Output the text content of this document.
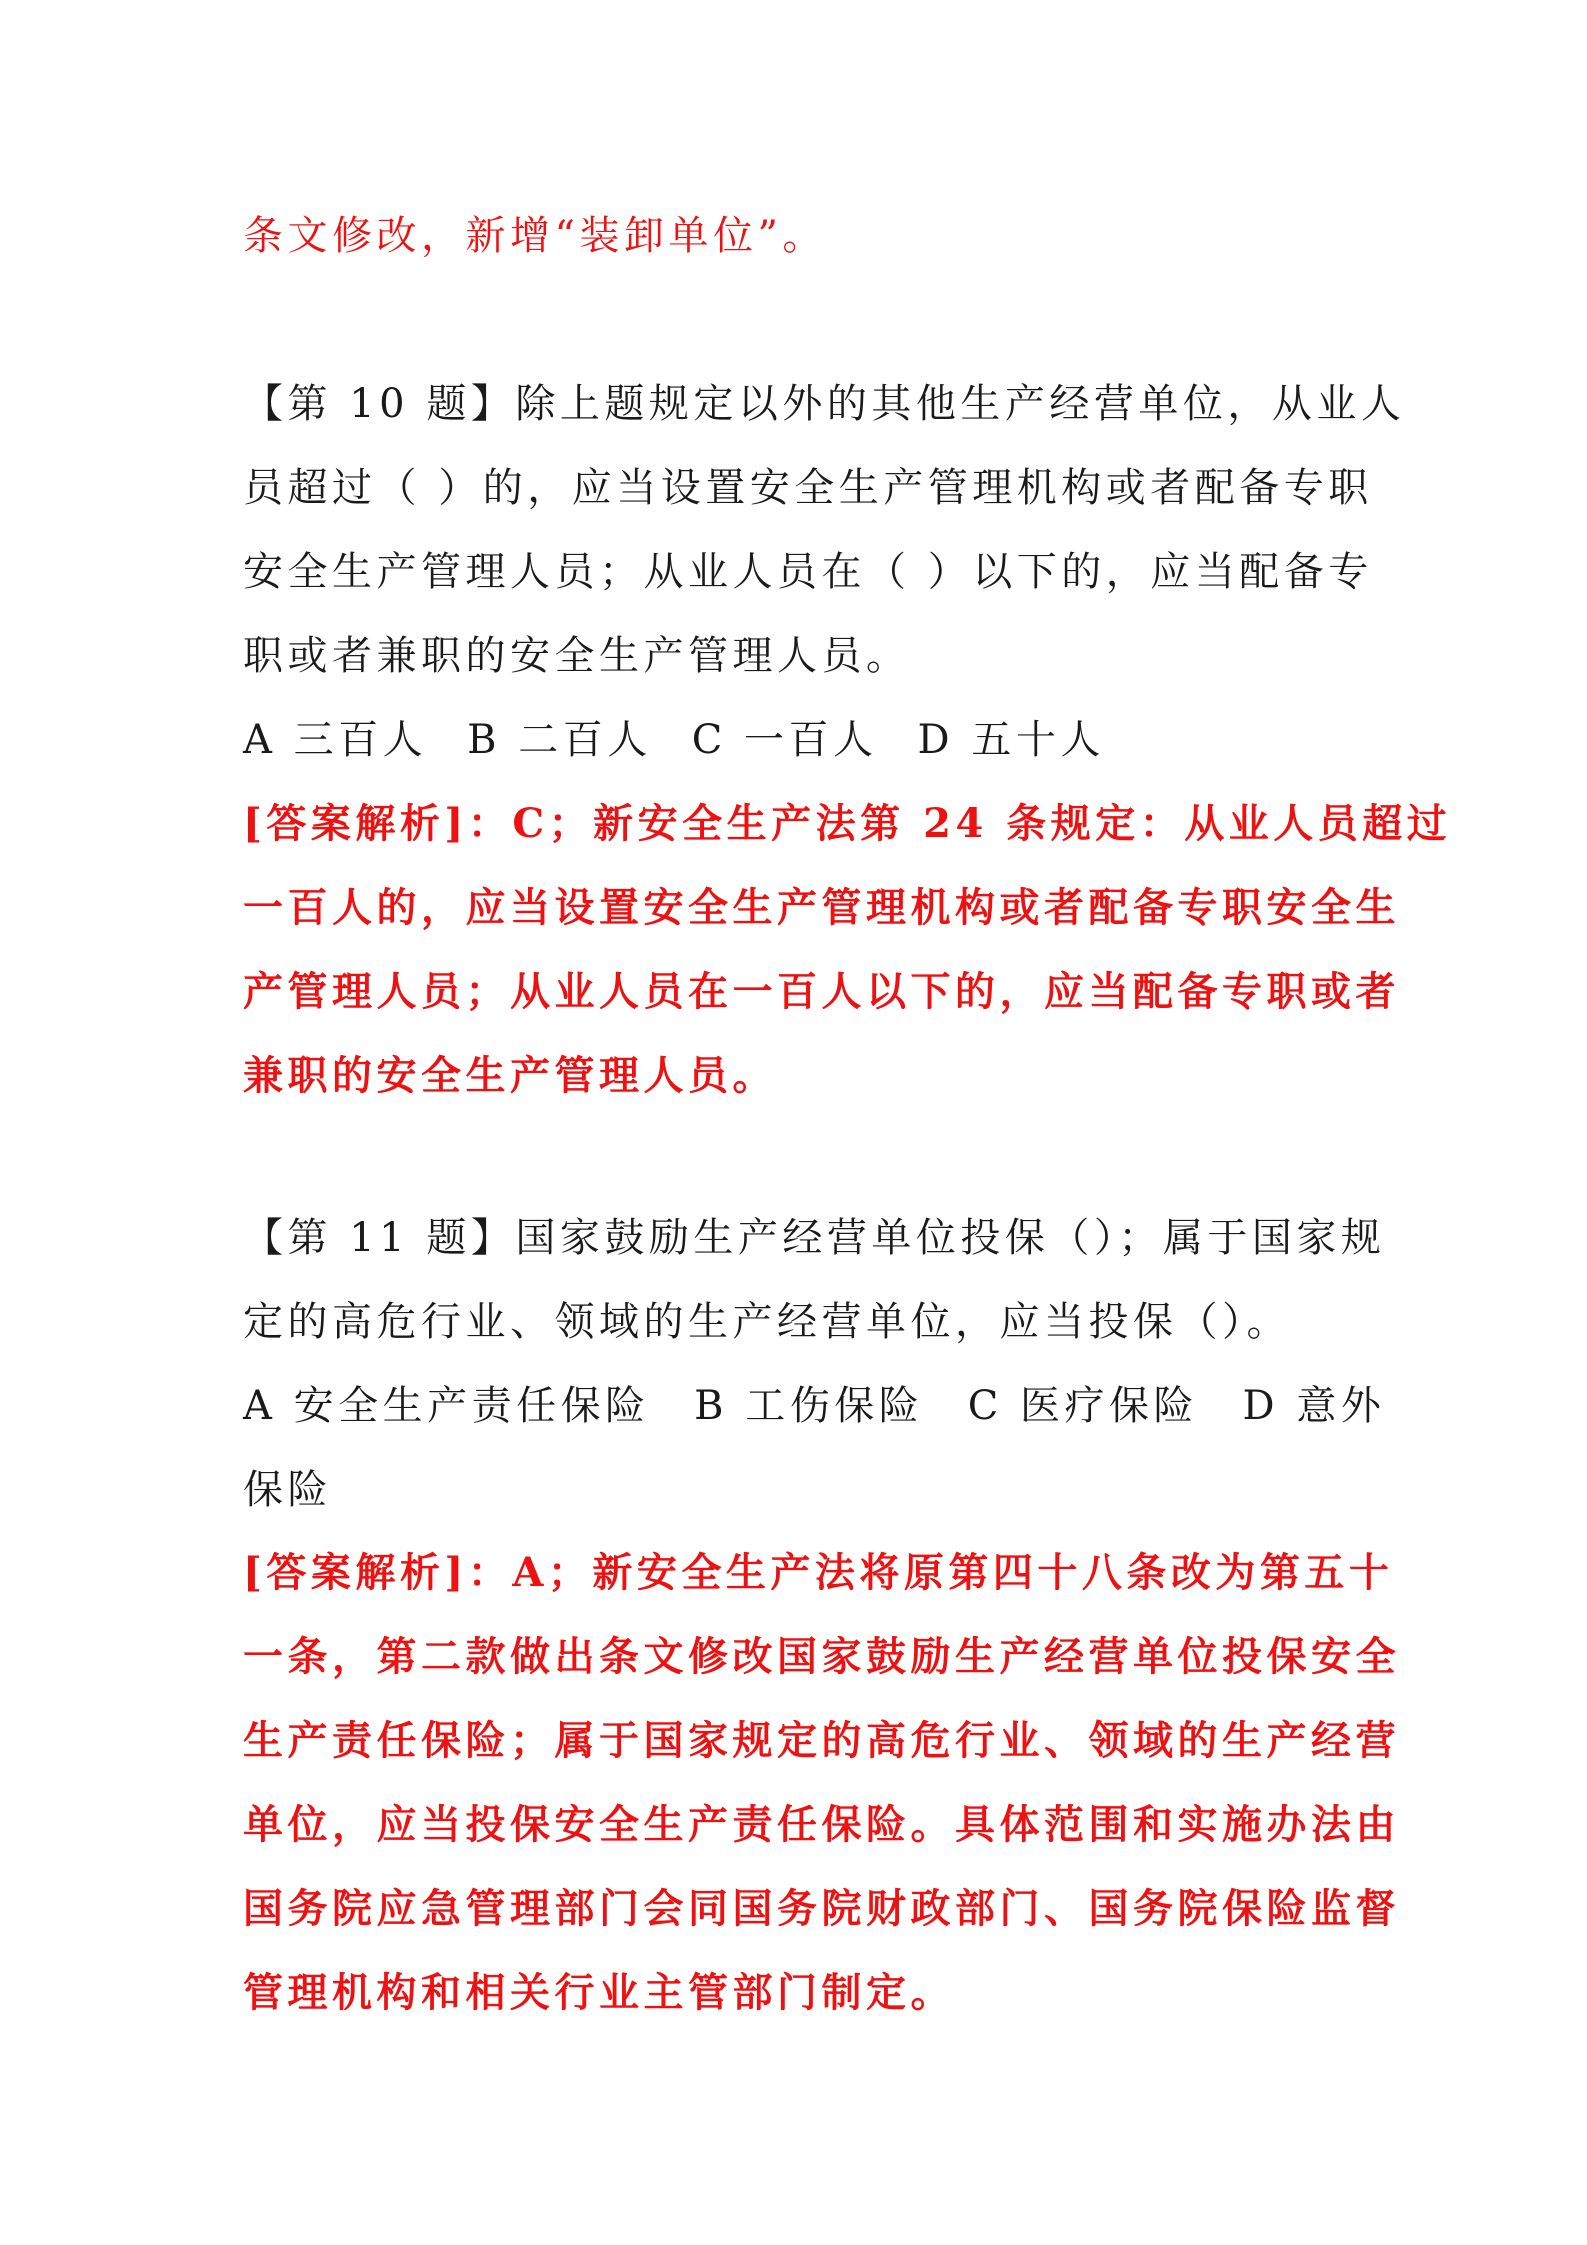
条文修改，新增“装卸单位”。
【第 10 题】除上题规定以外的其他生产经营单位，从业人
员超过（ ）的，应当设置安全生产管理机构或者配备专职
安全生产管理人员；从业人员在（ ）以下的，应当配备专
职或者兼职的安全生产管理人员。
A 三百人 B 二百人 C 一百人 D 五十人
[答案解析]：C；新安全生产法第 24 条规定：从业人员超过
一百人的，应当设置安全生产管理机构或者配备专职安全生
产管理人员；从业人员在一百人以下的，应当配备专职或者
兼职的安全生产管理人员。
【第 11 题】国家鼓励生产经营单位投保（）；属于国家规
定的高危行业、领域的生产经营单位，应当投保（）。
A 安全生产责任保险　B 工伤保险　C 医疗保险　D 意外
保险
[答案解析]：A；新安全生产法将原第四十八条改为第五十
一条，第二款做出条文修改国家鼓励生产经营单位投保安全
生产责任保险；属于国家规定的高危行业、领域的生产经营
单位，应当投保安全生产责任保险。具体范围和实施办法由
国务院应急管理部门会同国务院财政部门、国务院保险监督
管理机构和相关行业主管部门制定。
